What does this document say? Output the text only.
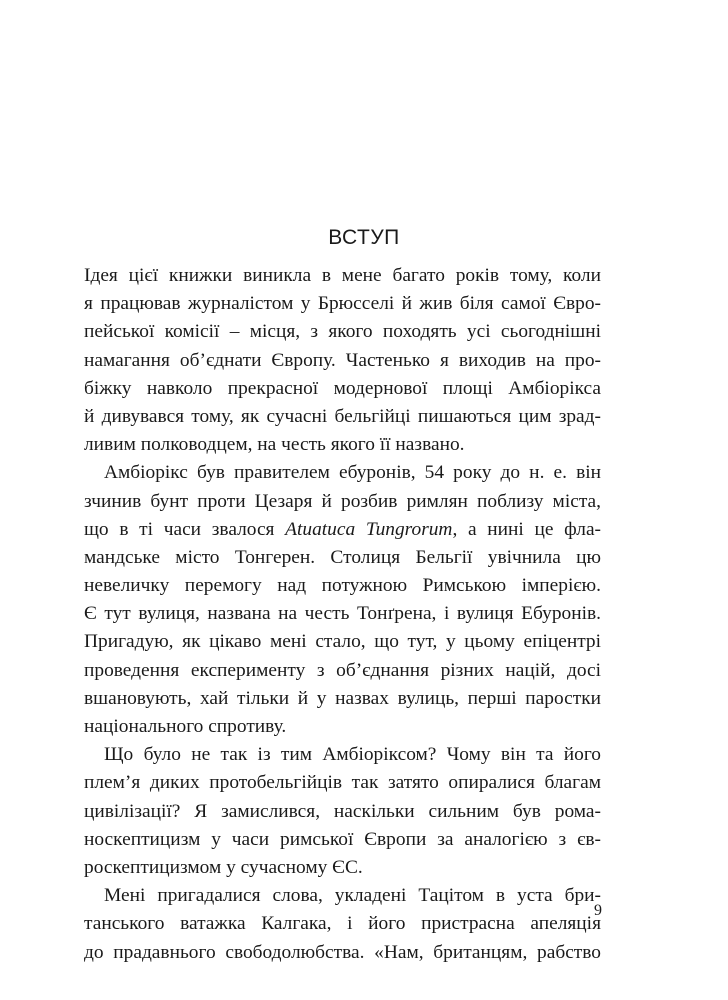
ВСТУП
Ідея цієї книжки виникла в мене багато років тому, коли
я працював журналістом у Брюсселі й жив біля самої Євро-
пейської комісії – місця, з якого походять усі сьогоднішні
намагання об’єднати Європу. Частенько я виходив на про-
біжку навколо прекрасної модернової площі Амбіорікса
й дивувався тому, як сучасні бельгійці пишаються цим зрад-
ливим полководцем, на честь якого її названо.
Амбіорікс був правителем ебуронів, 54 року до н. е. він
зчинив бунт проти Цезаря й розбив римлян поблизу міста,
що в ті часи звалося Atuatuca Tungrorum, а нині це фла-
мандське місто Тонгерен. Столиця Бельгії увічнила цю
невеличку перемогу над потужною Римською імперією.
Є тут вулиця, названа на честь Тонґрена, і вулиця Ебуронів.
Пригадую, як цікаво мені стало, що тут, у цьому епіцентрі
проведення експерименту з об’єднання різних націй, досі
вшановують, хай тільки й у назвах вулиць, перші паростки
національного спротиву.
Що було не так із тим Амбіоріксом? Чому він та його
плем’я диких протобельгійців так затято опиралися благам
цивілізації? Я замислився, наскільки сильним був рома-
носкептицизм у часи римської Європи за аналогією з єв-
роскептицизмом у сучасному ЄС.
Мені пригадалися слова, укладені Тацітом в уста бри-
танського ватажка Калгака, і його пристрасна апеляція
до прадавнього свободолюбства. «Нам, британцям, рабство
9
